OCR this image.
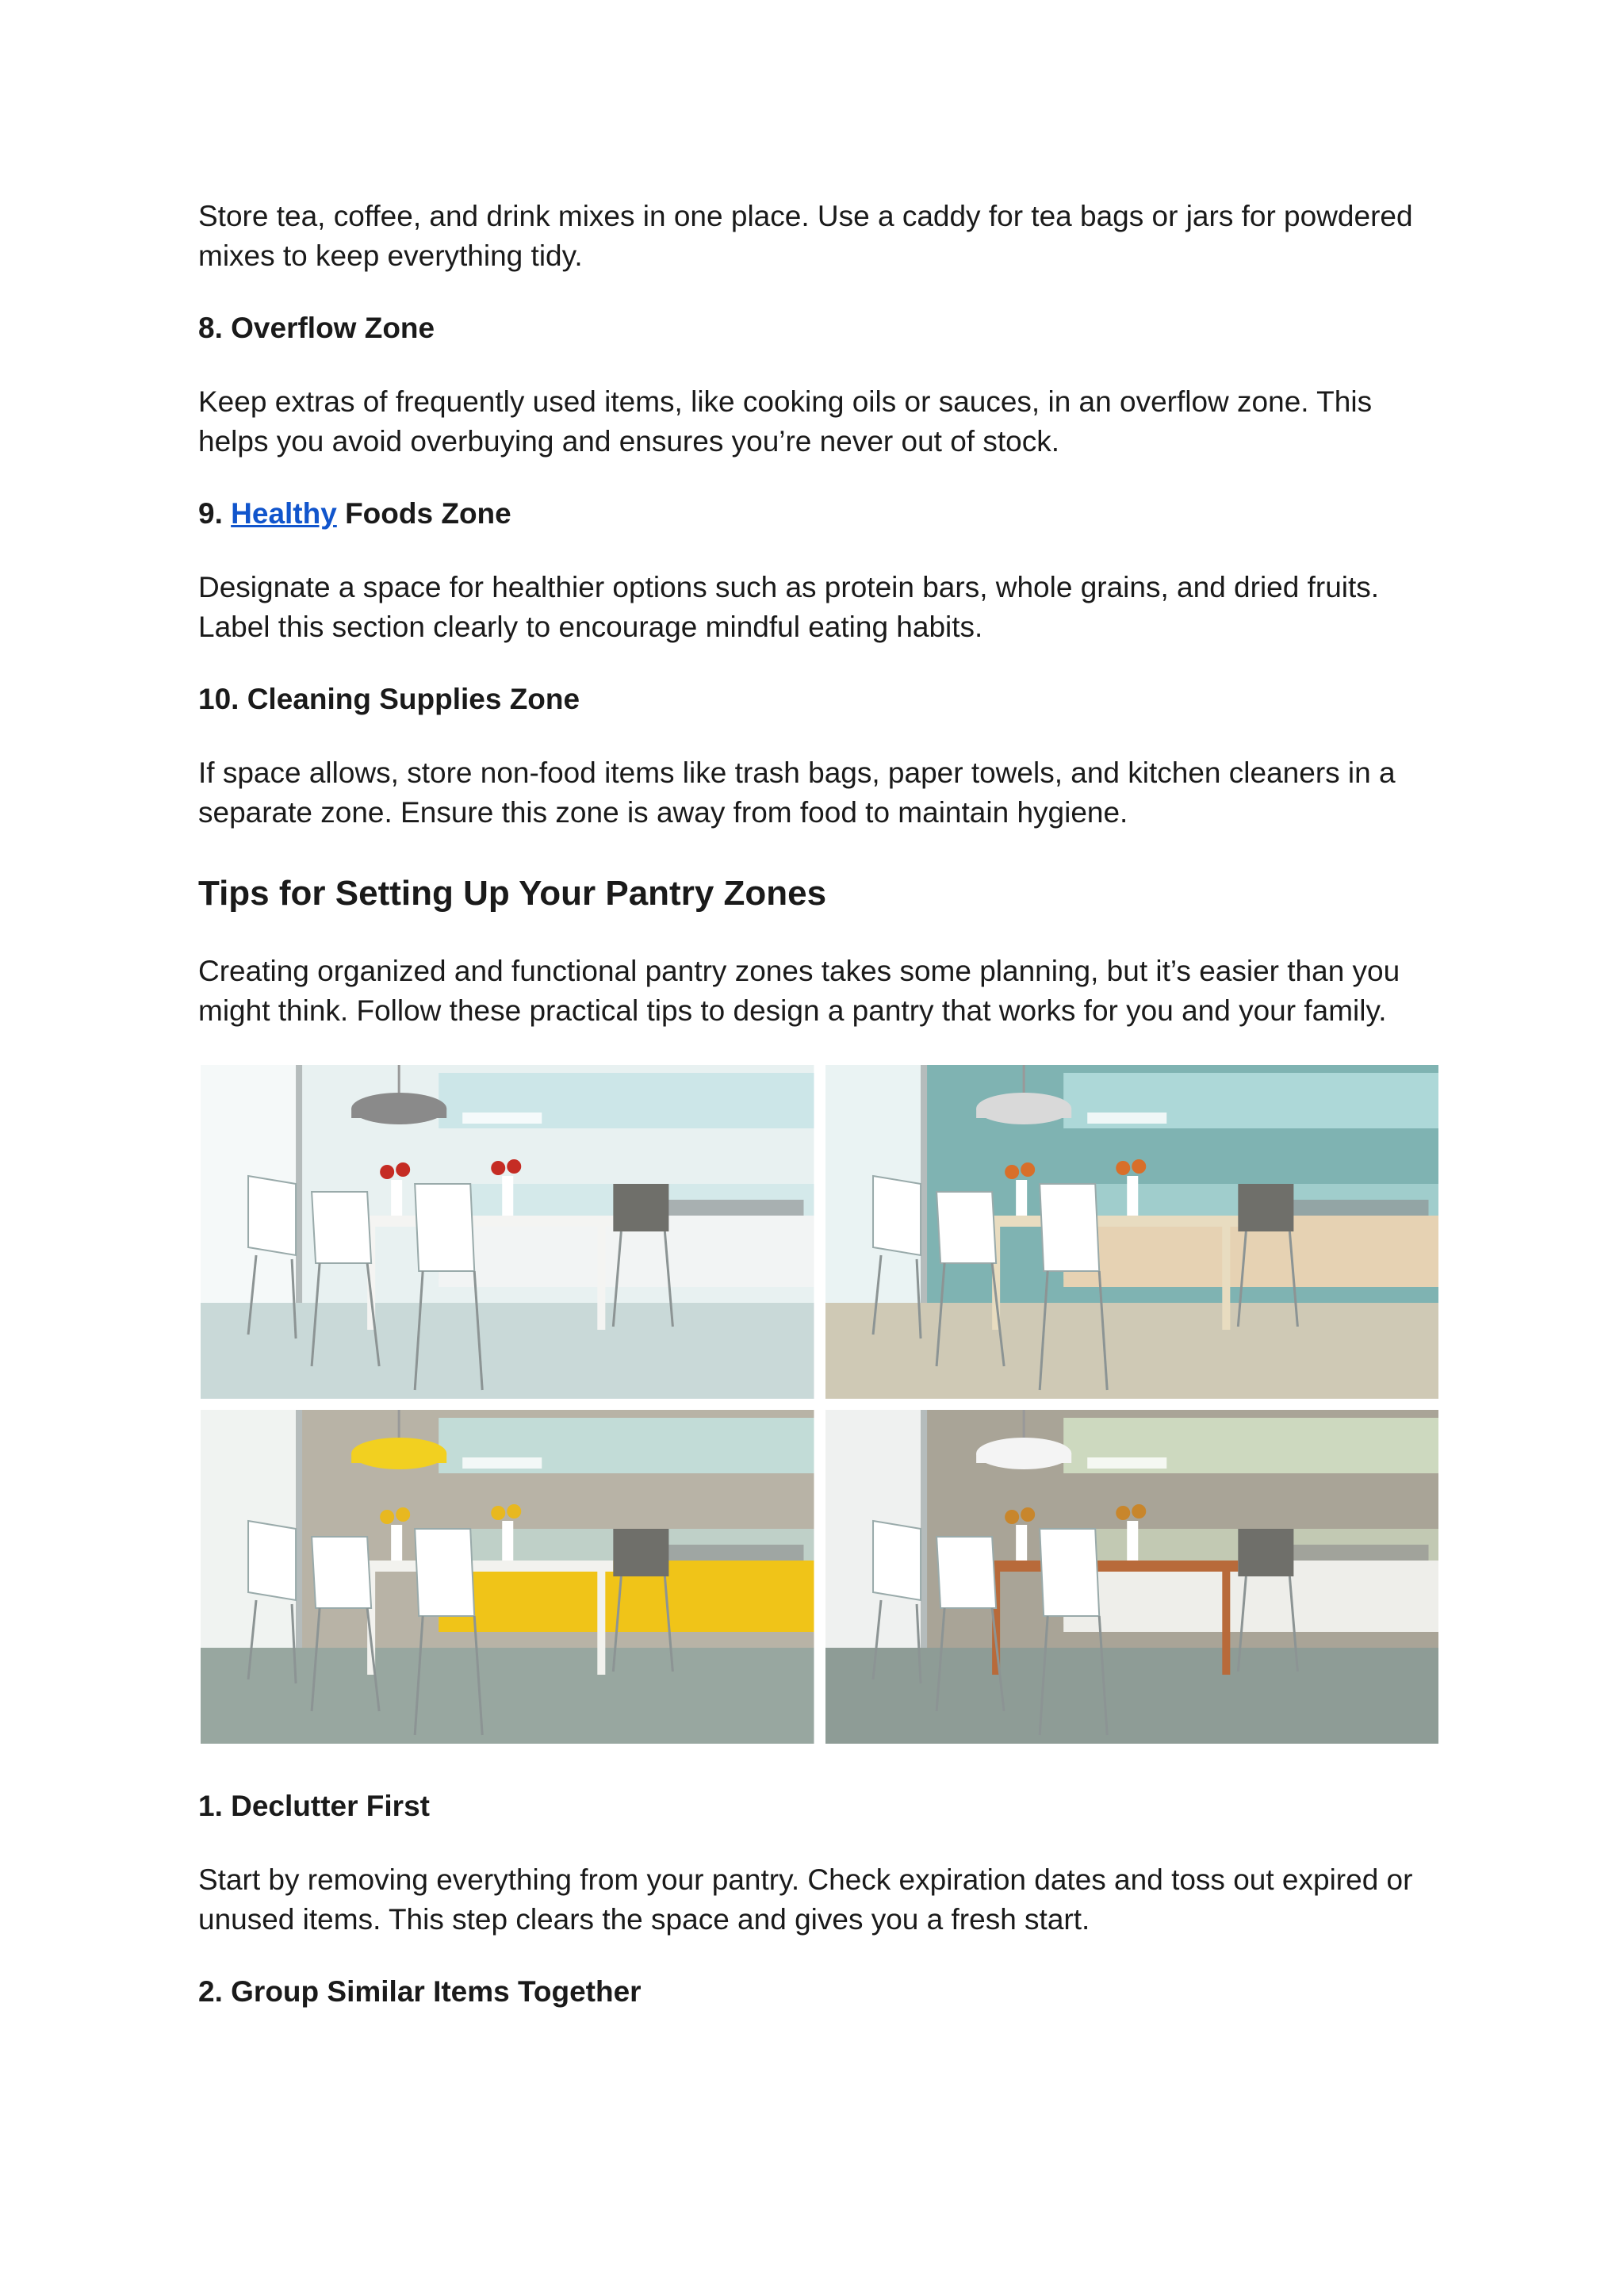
Store tea, coffee, and drink mixes in one place. Use a caddy for tea bags or jars for powdered mixes to keep everything tidy.

8. Overflow Zone

Keep extras of frequently used items, like cooking oils or sauces, in an overflow zone. This helps you avoid overbuying and ensures you’re never out of stock.

9. Healthy Foods Zone

Designate a space for healthier options such as protein bars, whole grains, and dried fruits. Label this section clearly to encourage mindful eating habits.

10. Cleaning Supplies Zone

If space allows, store non-food items like trash bags, paper towels, and kitchen cleaners in a separate zone. Ensure this zone is away from food to maintain hygiene.

Tips for Setting Up Your Pantry Zones

Creating organized and functional pantry zones takes some planning, but it’s easier than you might think. Follow these practical tips to design a pantry that works for you and your family.

1. Declutter First

Start by removing everything from your pantry. Check expiration dates and toss out expired or unused items. This step clears the space and gives you a fresh start.

2. Group Similar Items Together
